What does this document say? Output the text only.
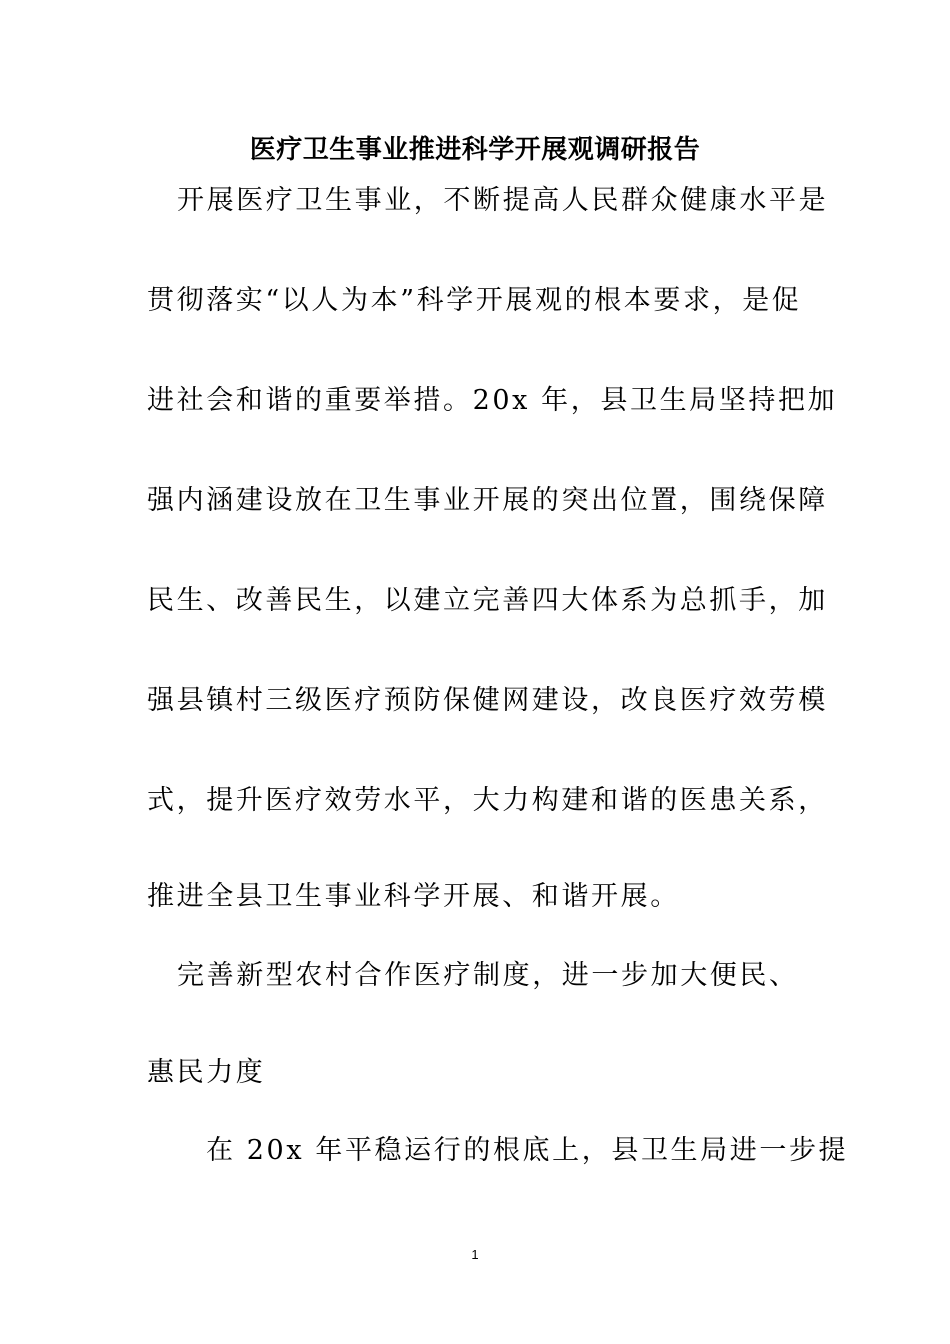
医疗卫生事业推进科学开展观调研报告
开展医疗卫生事业，不断提高人民群众健康水平是
贯彻落实“以人为本”科学开展观的根本要求，是促
进社会和谐的重要举措。20x 年，县卫生局坚持把加
强内涵建设放在卫生事业开展的突出位置，围绕保障
民生、改善民生，以建立完善四大体系为总抓手，加
强县镇村三级医疗预防保健网建设，改良医疗效劳模
式，提升医疗效劳水平，大力构建和谐的医患关系，
推进全县卫生事业科学开展、和谐开展。
完善新型农村合作医疗制度，进一步加大便民、
惠民力度
在 20x 年平稳运行的根底上，县卫生局进一步提
1
